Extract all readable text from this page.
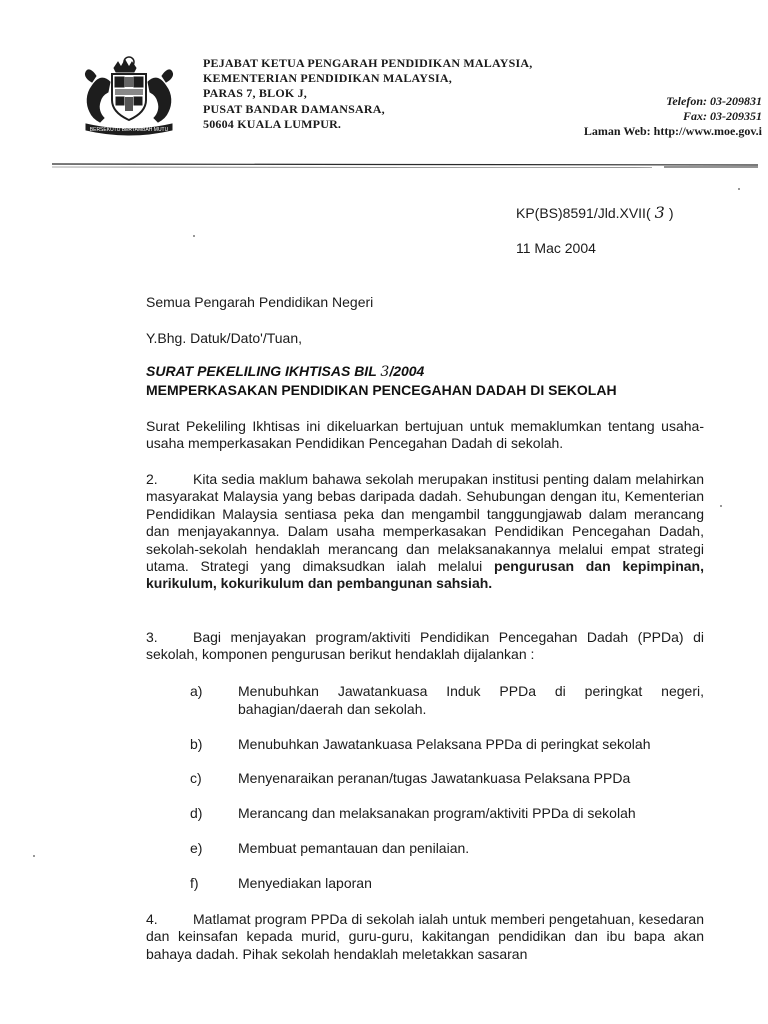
BERSEKUTU BERTAMBAH MUTU
PEJABAT KETUA PENGARAH PENDIDIKAN MALAYSIA,
KEMENTERIAN PENDIDIKAN MALAYSIA,
PARAS 7, BLOK J,
PUSAT BANDAR DAMANSARA,
50604 KUALA LUMPUR.
Telefon: 03-209831
Fax: 03-209351
Laman Web: http://www.moe.gov.i
KP(BS)8591/Jld.XVII( 3 )
11 Mac 2004
Semua Pengarah Pendidikan Negeri
Y.Bhg. Datuk/Dato'/Tuan,
SURAT PEKELILING IKHTISAS BIL 3/2004
MEMPERKASAKAN PENDIDIKAN PENCEGAHAN DADAH DI SEKOLAH
Surat Pekeliling Ikhtisas ini dikeluarkan bertujuan untuk memaklumkan tentang usaha-usaha memperkasakan Pendidikan Pencegahan Dadah di sekolah.
2.	Kita sedia maklum bahawa sekolah merupakan institusi penting dalam melahirkan masyarakat Malaysia yang bebas daripada dadah. Sehubungan dengan itu, Kementerian Pendidikan Malaysia sentiasa peka dan mengambil tanggungjawab dalam merancang dan menjayakannya. Dalam usaha memperkasakan Pendidikan Pencegahan Dadah, sekolah-sekolah hendaklah merancang dan melaksanakannya melalui empat strategi utama. Strategi yang dimaksudkan ialah melalui pengurusan dan kepimpinan, kurikulum, kokurikulum dan pembangunan sahsiah.
3.	Bagi menjayakan program/aktiviti Pendidikan Pencegahan Dadah (PPDa) di sekolah, komponen pengurusan berikut hendaklah dijalankan :
a)	Menubuhkan Jawatankuasa Induk PPDa di peringkat negeri, bahagian/daerah dan sekolah.
b)	Menubuhkan Jawatankuasa Pelaksana PPDa di peringkat sekolah
c)	Menyenaraikan peranan/tugas Jawatankuasa Pelaksana PPDa
d)	Merancang dan melaksanakan program/aktiviti PPDa di sekolah
e)	Membuat pemantauan dan penilaian.
f)	Menyediakan laporan
4.	Matlamat program PPDa di sekolah ialah untuk memberi pengetahuan, kesedaran dan keinsafan kepada murid, guru-guru, kakitangan pendidikan dan ibu bapa akan bahaya dadah. Pihak sekolah hendaklah meletakkan sasaran
